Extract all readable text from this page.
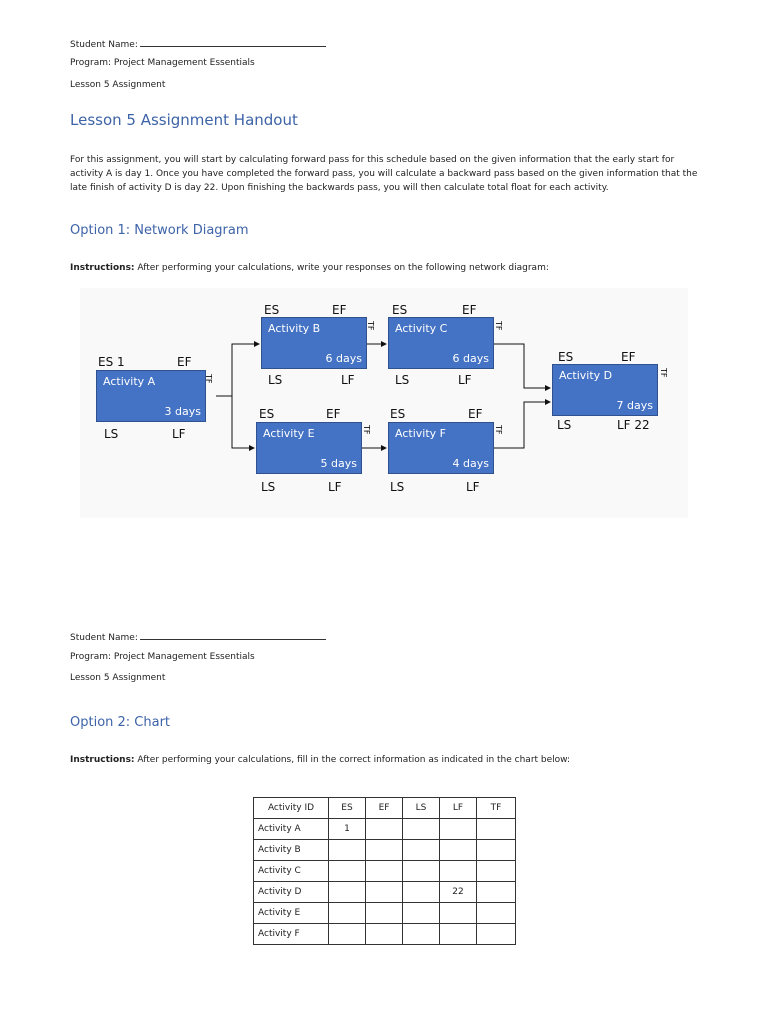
Student Name:
Program: Project Management Essentials
Lesson 5 Assignment
Lesson 5 Assignment Handout
For this assignment, you will start by calculating forward pass for this schedule based on the given information that the early start for activity A is day 1. Once you have completed the forward pass, you will calculate a backward pass based on the given information that the late finish of activity D is day 22. Upon finishing the backwards pass, you will then calculate total float for each activity.
Option 1: Network Diagram
Instructions: After performing your calculations, write your responses on the following network diagram:
ES 1	EF
Activity A
3 days
TF
LS	LF
ES	EF
Activity B
6 days
TF
LS	LF
ES	EF
Activity C
6 days
TF
LS	LF
ES	EF
Activity D
7 days
TF
LS	LF 22
ES	EF
Activity E
5 days
TF
LS	LF
ES	EF
Activity F
4 days
TF
LS	LF
Student Name:
Program: Project Management Essentials
Lesson 5 Assignment
Option 2: Chart
Instructions: After performing your calculations, fill in the correct information as indicated in the chart below:
Activity ID	ES	EF	LS	LF	TF
Activity A	1				
Activity B					
Activity C					
Activity D				22	
Activity E					
Activity F					
